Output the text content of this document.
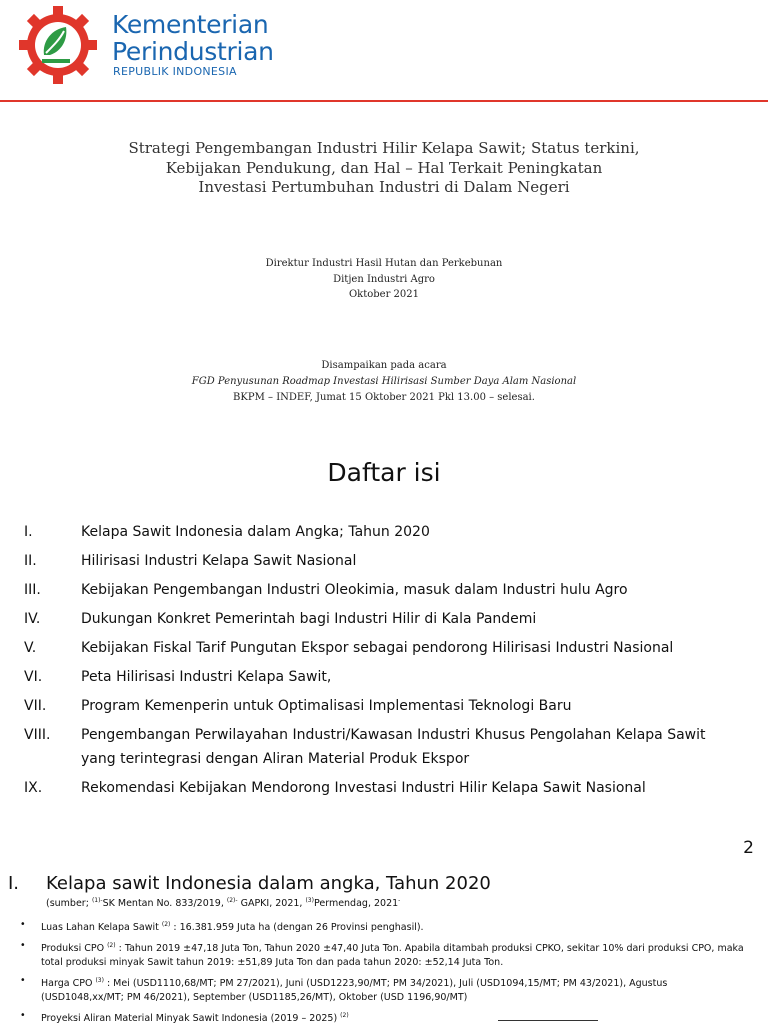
Kementerian
Perindustrian
REPUBLIK INDONESIA
Strategi Pengembangan Industri Hilir Kelapa Sawit; Status terkini,
Kebijakan Pendukung, dan Hal – Hal Terkait Peningkatan
Investasi Pertumbuhan Industri di Dalam Negeri
Direktur Industri Hasil Hutan dan Perkebunan
Ditjen Industri Agro
Oktober 2021
Disampaikan pada acara
FGD Penyusunan Roadmap Investasi Hilirisasi Sumber Daya Alam Nasional
BKPM – INDEF, Jumat 15 Oktober 2021 Pkl 13.00 – selesai.
Daftar isi
I.	Kelapa Sawit Indonesia dalam Angka; Tahun 2020
II.	Hilirisasi Industri Kelapa Sawit Nasional
III.	Kebijakan Pengembangan Industri Oleokimia, masuk dalam Industri hulu Agro
IV.	Dukungan Konkret Pemerintah bagi Industri Hilir di Kala Pandemi
V.	Kebijakan Fiskal Tarif Pungutan Ekspor sebagai pendorong Hilirisasi Industri Nasional
VI.	Peta Hilirisasi Industri Kelapa Sawit,
VII.	Program Kemenperin untuk Optimalisasi Implementasi Teknologi Baru
VIII.	Pengembangan Perwilayahan Industri/Kawasan Industri Khusus Pengolahan Kelapa Sawit yang terintegrasi dengan Aliran Material Produk Ekspor
IX.	Rekomendasi Kebijakan Mendorong Investasi Industri Hilir Kelapa Sawit Nasional
2
I. Kelapa sawit Indonesia dalam angka, Tahun 2020
(sumber; $^{(1)-}$SK Mentan No. 833/2019, $^{(2)-}$ GAPKI, 2021, $^{(3)}$Permendag, 2021-
• Luas Lahan Kelapa Sawit $^{(2)}$ : 16.381.959 Juta ha (dengan 26 Provinsi penghasil).
• Produksi CPO $^{(2)}$ : Tahun 2019 ±47,18 Juta Ton, Tahun 2020 ±47,40 Juta Ton. Apabila ditambah produksi CPKO, sekitar 10% dari produksi CPO, maka total produksi minyak Sawit tahun 2019: ±51,89 Juta Ton dan pada tahun 2020: ±52,14 Juta Ton.
• Harga CPO $^{(3)}$ : Mei (USD1110,68/MT; PM 27/2021), Juni (USD1223,90/MT; PM 34/2021), Juli (USD1094,15/MT; PM 43/2021), Agustus (USD1048,xx/MT; PM 46/2021), September (USD1185,26/MT), Oktober (USD 1196,90/MT)
• Proyeksi Aliran Material Minyak Sawit Indonesia (2019 – 2025) $^{(2)}$
